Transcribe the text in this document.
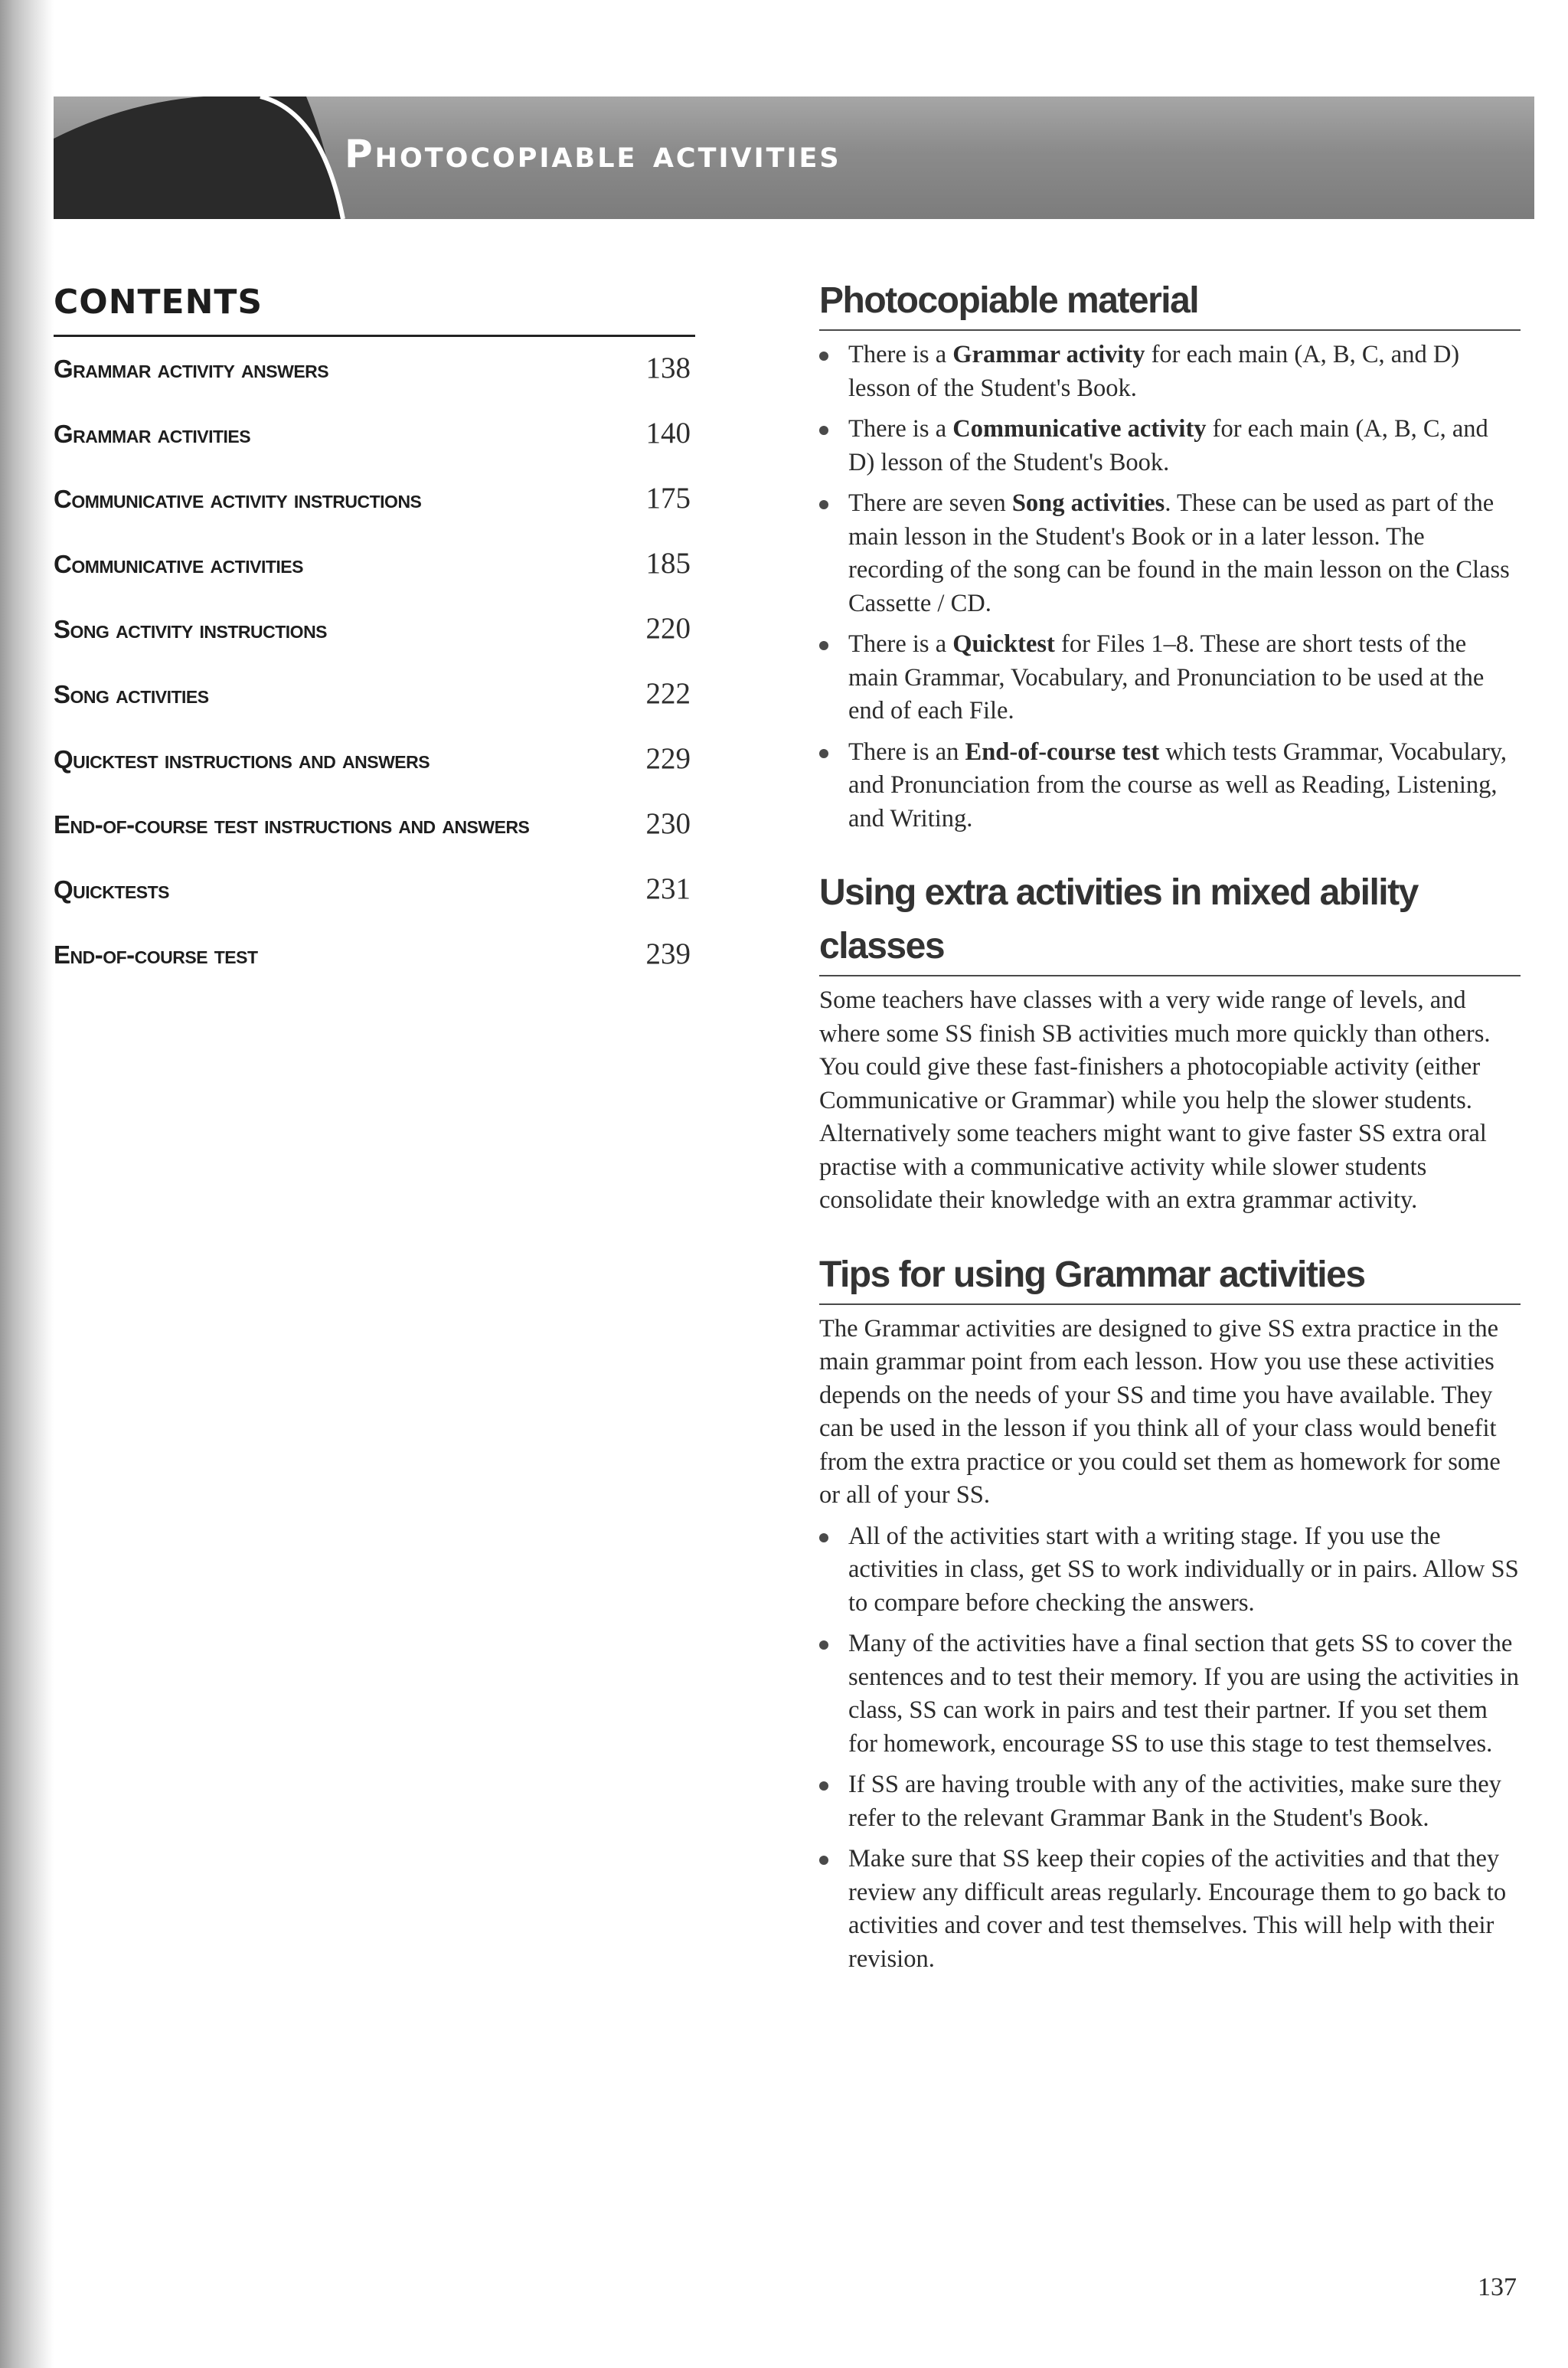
Photocopiable activities
CONTENTS
Grammar activity answers	138
Grammar activities	140
Communicative activity instructions	175
Communicative activities	185
Song activity instructions	220
Song activities	222
Quicktest instructions and answers	229
End-of-course test instructions and answers	230
Quicktests	231
End-of-course test	239
Photocopiable material
There is a Grammar activity for each main (A, B, C, and D) lesson of the Student's Book.
There is a Communicative activity for each main (A, B, C, and D) lesson of the Student's Book.
There are seven Song activities. These can be used as part of the main lesson in the Student's Book or in a later lesson. The recording of the song can be found in the main lesson on the Class Cassette / CD.
There is a Quicktest for Files 1–8. These are short tests of the main Grammar, Vocabulary, and Pronunciation to be used at the end of each File.
There is an End-of-course test which tests Grammar, Vocabulary, and Pronunciation from the course as well as Reading, Listening, and Writing.
Using extra activities in mixed ability classes

Some teachers have classes with a very wide range of levels, and where some SS finish SB activities much more quickly than others. You could give these fast-finishers a photocopiable activity (either Communicative or Grammar) while you help the slower students. Alternatively some teachers might want to give faster SS extra oral practise with a communicative activity while slower students consolidate their knowledge with an extra grammar activity.

Tips for using Grammar activities

The Grammar activities are designed to give SS extra practice in the main grammar point from each lesson. How you use these activities depends on the needs of your SS and time you have available. They can be used in the lesson if you think all of your class would benefit from the extra practice or you could set them as homework for some or all of your SS.

All of the activities start with a writing stage. If you use the activities in class, get SS to work individually or in pairs. Allow SS to compare before checking the answers.
Many of the activities have a final section that gets SS to cover the sentences and to test their memory. If you are using the activities in class, SS can work in pairs and test their partner. If you set them for homework, encourage SS to use this stage to test themselves.
If SS are having trouble with any of the activities, make sure they refer to the relevant Grammar Bank in the Student's Book.
Make sure that SS keep their copies of the activities and that they review any difficult areas regularly. Encourage them to go back to activities and cover and test themselves. This will help with their revision.
137
